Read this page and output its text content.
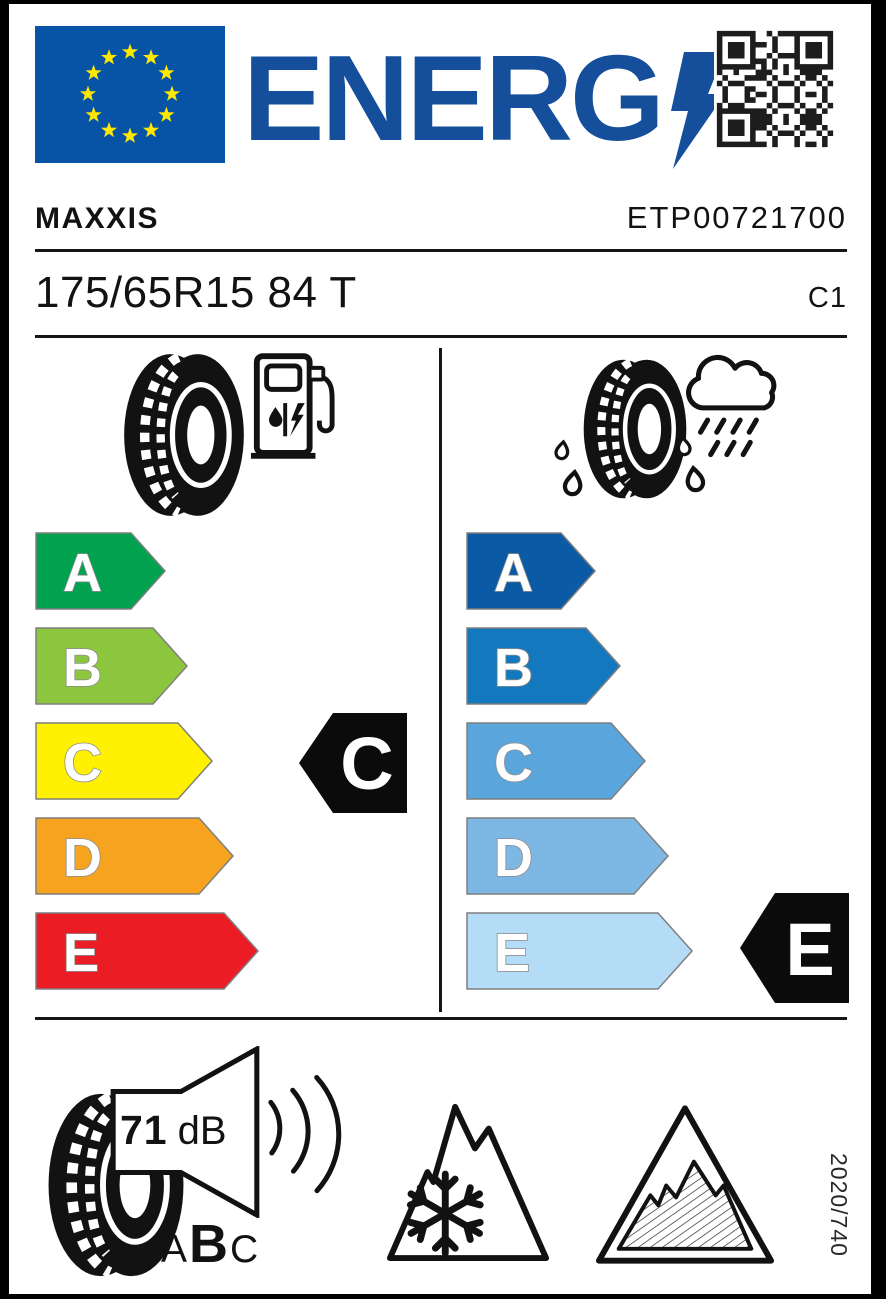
ENERG
MAXXIS	ETP00721700
175/65R15 84 T	C1
A
B
C
D
E
C
A
B
C
D
E	E
71 dB
A B C	2020/740
